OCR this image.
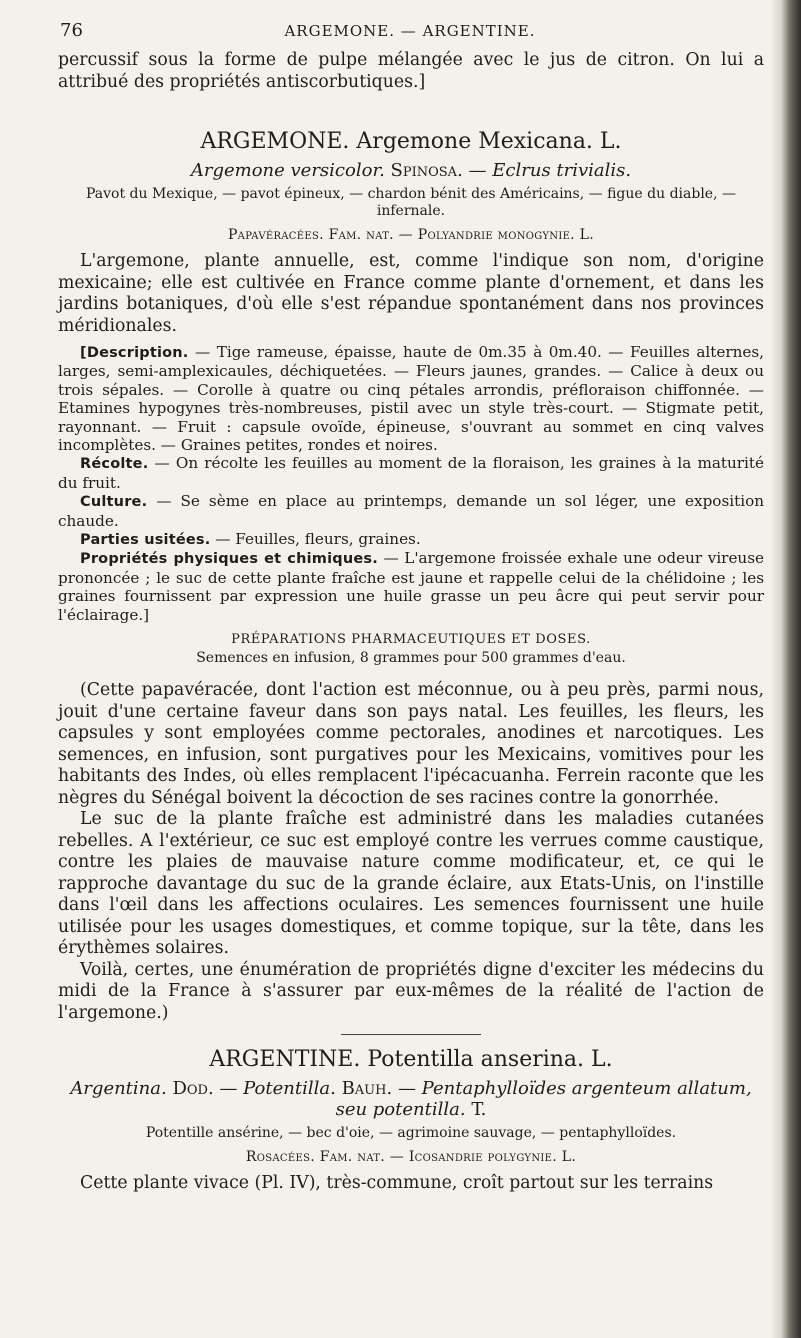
76	ARGEMONE. — ARGENTINE.

percussif sous la forme de pulpe mélangée avec le jus de citron. On lui a attribué des propriétés antiscorbutiques.]

ARGEMONE. Argemone Mexicana. L.
Argemone versicolor. Spinosa. — Eclrus trivialis.
Pavot du Mexique, — pavot épineux, — chardon bénit des Américains, — figue du diable, — infernale.
Papavéracées. Fam. nat. — Polyandrie monogynie. L.

L'argemone, plante annuelle, est, comme l'indique son nom, d'origine mexicaine; elle est cultivée en France comme plante d'ornement, et dans les jardins botaniques, d'où elle s'est répandue spontanément dans nos provinces méridionales.

[Description. — Tige rameuse, épaisse, haute de 0m.35 à 0m.40. — Feuilles alternes, larges, semi-amplexicaules, déchiquetées. — Fleurs jaunes, grandes. — Calice à deux ou trois sépales. — Corolle à quatre ou cinq pétales arrondis, préfloraison chiffonnée. — Etamines hypogynes très-nombreuses, pistil avec un style très-court. — Stigmate petit, rayonnant. — Fruit : capsule ovoïde, épineuse, s'ouvrant au sommet en cinq valves incomplètes. — Graines petites, rondes et noires.

Récolte. — On récolte les feuilles au moment de la floraison, les graines à la maturité du fruit.

Culture. — Se sème en place au printemps, demande un sol léger, une exposition chaude.

Parties usitées. — Feuilles, fleurs, graines.

Propriétés physiques et chimiques. — L'argemone froissée exhale une odeur vireuse prononcée ; le suc de cette plante fraîche est jaune et rappelle celui de la chélidoine ; les graines fournissent par expression une huile grasse un peu âcre qui peut servir pour l'éclairage.]

PRÉPARATIONS PHARMACEUTIQUES ET DOSES.
Semences en infusion, 8 grammes pour 500 grammes d'eau.

(Cette papavéracée, dont l'action est méconnue, ou à peu près, parmi nous, jouit d'une certaine faveur dans son pays natal. Les feuilles, les fleurs, les capsules y sont employées comme pectorales, anodines et narcotiques. Les semences, en infusion, sont purgatives pour les Mexicains, vomitives pour les habitants des Indes, où elles remplacent l'ipécacuanha. Ferrein raconte que les nègres du Sénégal boivent la décoction de ses racines contre la gonorrhée.

Le suc de la plante fraîche est administré dans les maladies cutanées rebelles. A l'extérieur, ce suc est employé contre les verrues comme caustique, contre les plaies de mauvaise nature comme modificateur, et, ce qui le rapproche davantage du suc de la grande éclaire, aux Etats-Unis, on l'instille dans l'œil dans les affections oculaires. Les semences fournissent une huile utilisée pour les usages domestiques, et comme topique, sur la tête, dans les érythèmes solaires.

Voilà, certes, une énumération de propriétés digne d'exciter les médecins du midi de la France à s'assurer par eux-mêmes de la réalité de l'action de l'argemone.)

ARGENTINE. Potentilla anserina. L.
Argentina. Dod. — Potentilla. Bauh. — Pentaphylloïdes argenteum allatum, seu potentilla. T.
Potentille ansérine, — bec d'oie, — agrimoine sauvage, — pentaphylloïdes.
Rosacées. Fam. nat. — Icosandrie polygynie. L.

Cette plante vivace (Pl. IV), très-commune, croît partout sur les terrains
